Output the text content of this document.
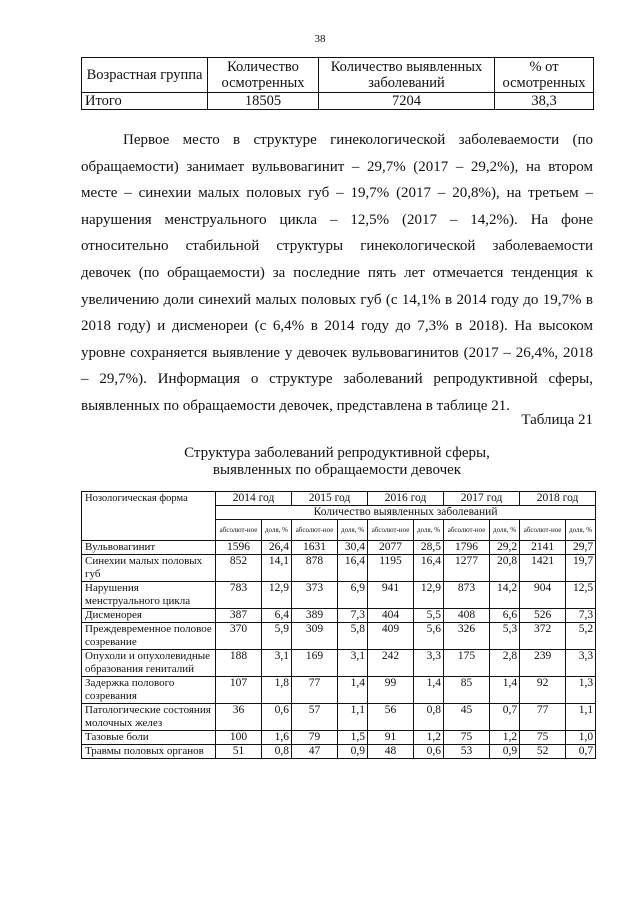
38
Возрастная группа	Количество осмотренных	Количество выявленных заболеваний	% от осмотренных
Итого	18505	7204	38,3

Первое место в структуре гинекологической заболеваемости (по обращаемости) занимает вульвовагинит – 29,7% (2017 – 29,2%), на втором месте – синехии малых половых губ – 19,7% (2017 – 20,8%), на третьем – нарушения менструального цикла – 12,5% (2017 – 14,2%). На фоне относительно стабильной структуры гинекологической заболеваемости девочек (по обращаемости) за последние пять лет отмечается тенденция к увеличению доли синехий малых половых губ (с 14,1% в 2014 году до 19,7% в 2018 году) и дисменореи (с 6,4% в 2014 году до 7,3% в 2018). На высоком уровне сохраняется выявление у девочек вульвовагинитов (2017 – 26,4%, 2018 – 29,7%). Информация о структуре заболеваний репродуктивной сферы, выявленных по обращаемости девочек, представлена в таблице 21.

Таблица 21
Структура заболеваний репродуктивной сферы,
выявленных по обращаемости девочек
Нозологическая форма	2014 год		2015 год		2016 год		2017 год		2018 год	
	Количество выявленных заболеваний									
	абсолют-ное	доля, %	абсолют-ное	доля, %	абсолют-ное	доля, %	абсолют-ное	доля, %	абсолют-ное	доля, %
Вульвовагинит	1596	26,4	1631	30,4	2077	28,5	1796	29,2	2141	29,7
Синехии малых половых губ	852	14,1	878	16,4	1195	16,4	1277	20,8	1421	19,7
Нарушения менструального цикла	783	12,9	373	6,9	941	12,9	873	14,2	904	12,5
Дисменорея	387	6,4	389	7,3	404	5,5	408	6,6	526	7,3
Преждевременное половое созревание	370	5,9	309	5,8	409	5,6	326	5,3	372	5,2
Опухоли и опухолевидные образования гениталий	188	3,1	169	3,1	242	3,3	175	2,8	239	3,3
Задержка полового созревания	107	1,8	77	1,4	99	1,4	85	1,4	92	1,3
Патологические состояния молочных желез	36	0,6	57	1,1	56	0,8	45	0,7	77	1,1
Тазовые боли	100	1,6	79	1,5	91	1,2	75	1,2	75	1,0
Травмы половых органов	51	0,8	47	0,9	48	0,6	53	0,9	52	0,7
